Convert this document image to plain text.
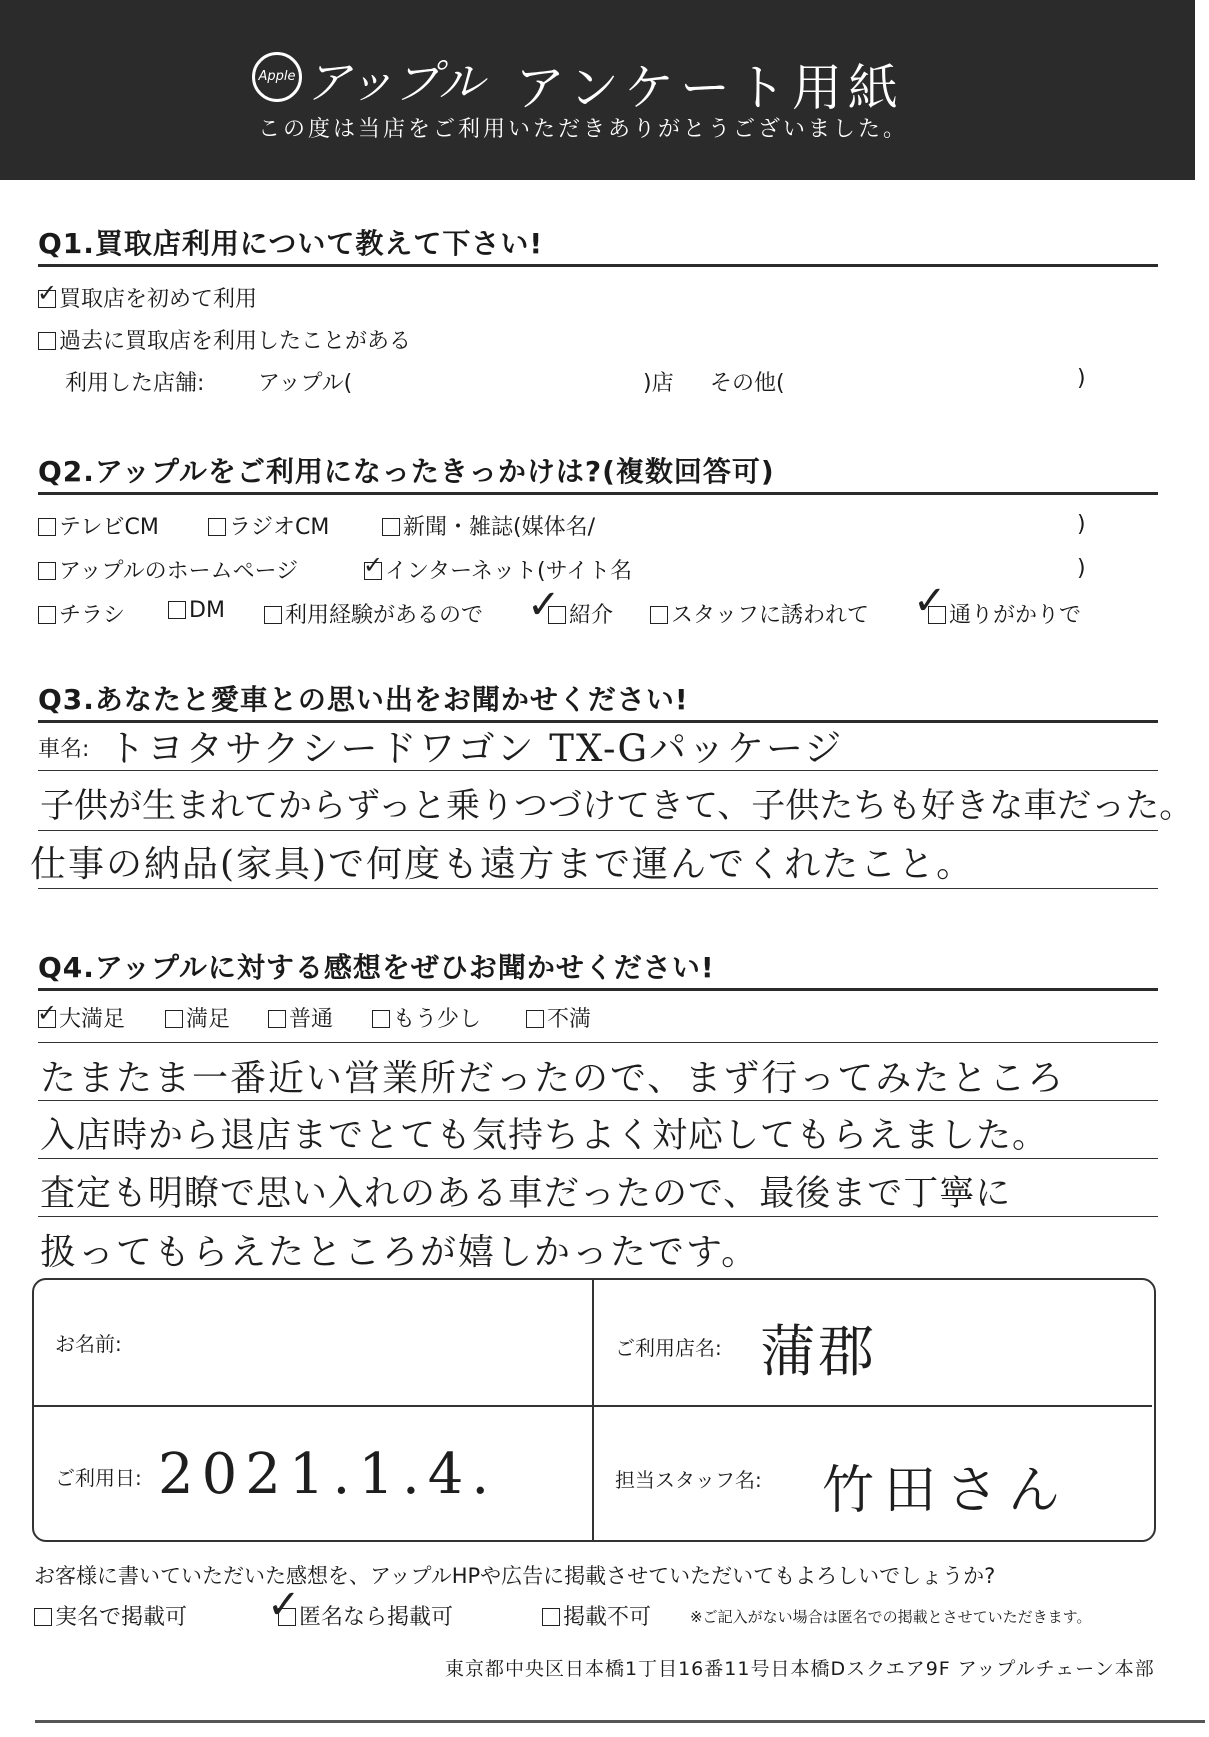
Apple アップル アンケート用紙
この度は当店をご利用いただきありがとうございました。
Q1.買取店利用について教えて下さい!
✓ 買取店を初めて利用
過去に買取店を利用したことがある
利用した店舗: アップル(	)店 その他(	)
Q2.アップルをご利用になったきっかけは?(複数回答可)
テレビCM	ラジオCM	新聞・雑誌(媒体名/	)
アップルのホームページ	✓ インターネット(サイト名	)
チラシ	DM	利用経験があるので ✓ 紹介	スタッフに誘われて ✓ 通りがかりで
Q3.あなたと愛車との思い出をお聞かせください!
車名: トヨタサクシードワゴン TX-Gパッケージ
子供が生まれてからずっと乗りつづけてきて、子供たちも好きな車だった。
仕事の納品(家具)で何度も遠方まで運んでくれたこと。
Q4.アップルに対する感想をぜひお聞かせください!
✓ 大満足	満足	普通	もう少し	不満
たまたま一番近い営業所だったので、まず行ってみたところ
入店時から退店までとても気持ちよく対応してもらえました。
査定も明瞭で思い入れのある車だったので、最後まで丁寧に
扱ってもらえたところが嬉しかったです。
お名前:	ご利用店名: 蒲郡
ご利用日: 2021.1.4.	担当スタッフ名: 竹田さん
お客様に書いていただいた感想を、アップルHPや広告に掲載させていただいてもよろしいでしょうか?
実名で掲載可 ✓
匿名なら掲載可	掲載不可	※ご記入がない場合は匿名での掲載とさせていただきます。
東京都中央区日本橋1丁目16番11号日本橋Dスクエア9F アップルチェーン本部
